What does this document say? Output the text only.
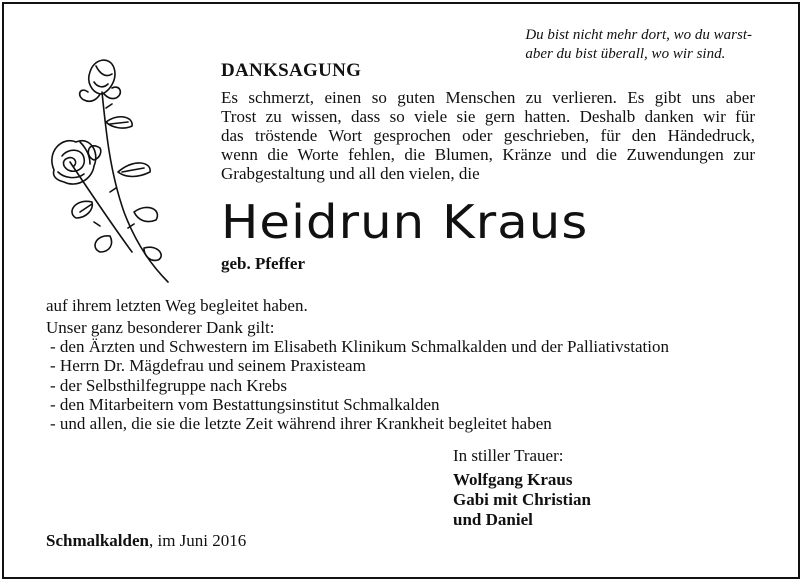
Du bist nicht mehr dort, wo du warst-
aber du bist überall, wo wir sind.
DANKSAGUNG
Es schmerzt, einen so guten Menschen zu verlieren. Es gibt uns aber
Trost zu wissen, dass so viele sie gern hatten. Deshalb danken wir für
das tröstende Wort gesprochen oder geschrieben, für den Händedruck,
wenn die Worte fehlen, die Blumen, Kränze und die Zuwendungen zur
Grabgestaltung und all den vielen, die
Heidrun Kraus
geb. Pfeffer
auf ihrem letzten Weg begleitet haben.
Unser ganz besonderer Dank gilt:
- den Ärzten und Schwestern im Elisabeth Klinikum Schmalkalden und der Palliativstation
- Herrn Dr. Mägdefrau und seinem Praxisteam
- der Selbsthilfegruppe nach Krebs
- den Mitarbeitern vom Bestattungsinstitut Schmalkalden
- und allen, die sie die letzte Zeit während ihrer Krankheit begleitet haben
In stiller Trauer:
Wolfgang Kraus
Gabi mit Christian
und Daniel
Schmalkalden, im Juni 2016
